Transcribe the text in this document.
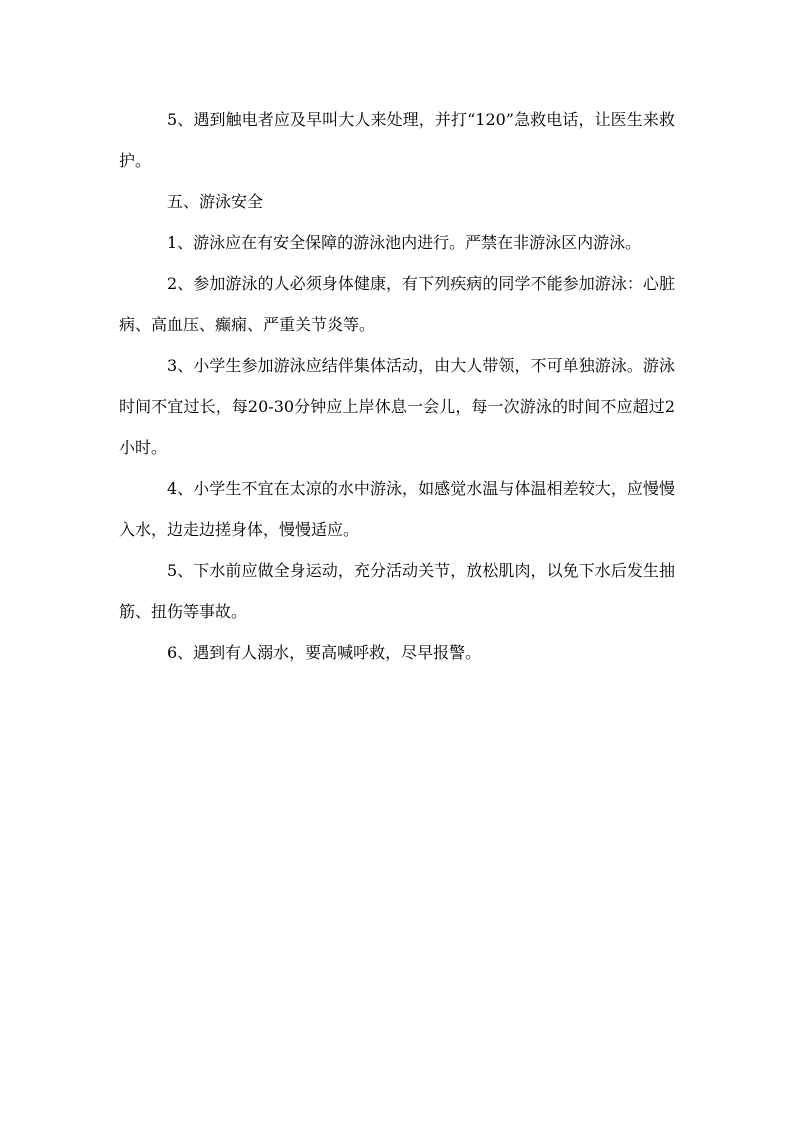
5、遇到触电者应及早叫大人来处理，并打“120”急救电话，让医生来救护。

五、游泳安全

1、游泳应在有安全保障的游泳池内进行。严禁在非游泳区内游泳。

2、参加游泳的人必须身体健康，有下列疾病的同学不能参加游泳：心脏病、高血压、癫痫、严重关节炎等。

3、小学生参加游泳应结伴集体活动，由大人带领，不可单独游泳。游泳时间不宜过长，每20-30分钟应上岸休息一会儿，每一次游泳的时间不应超过2小时。

4、小学生不宜在太凉的水中游泳，如感觉水温与体温相差较大，应慢慢入水，边走边搓身体，慢慢适应。

5、下水前应做全身运动，充分活动关节，放松肌肉，以免下水后发生抽筋、扭伤等事故。

6、遇到有人溺水，要高喊呼救，尽早报警。
